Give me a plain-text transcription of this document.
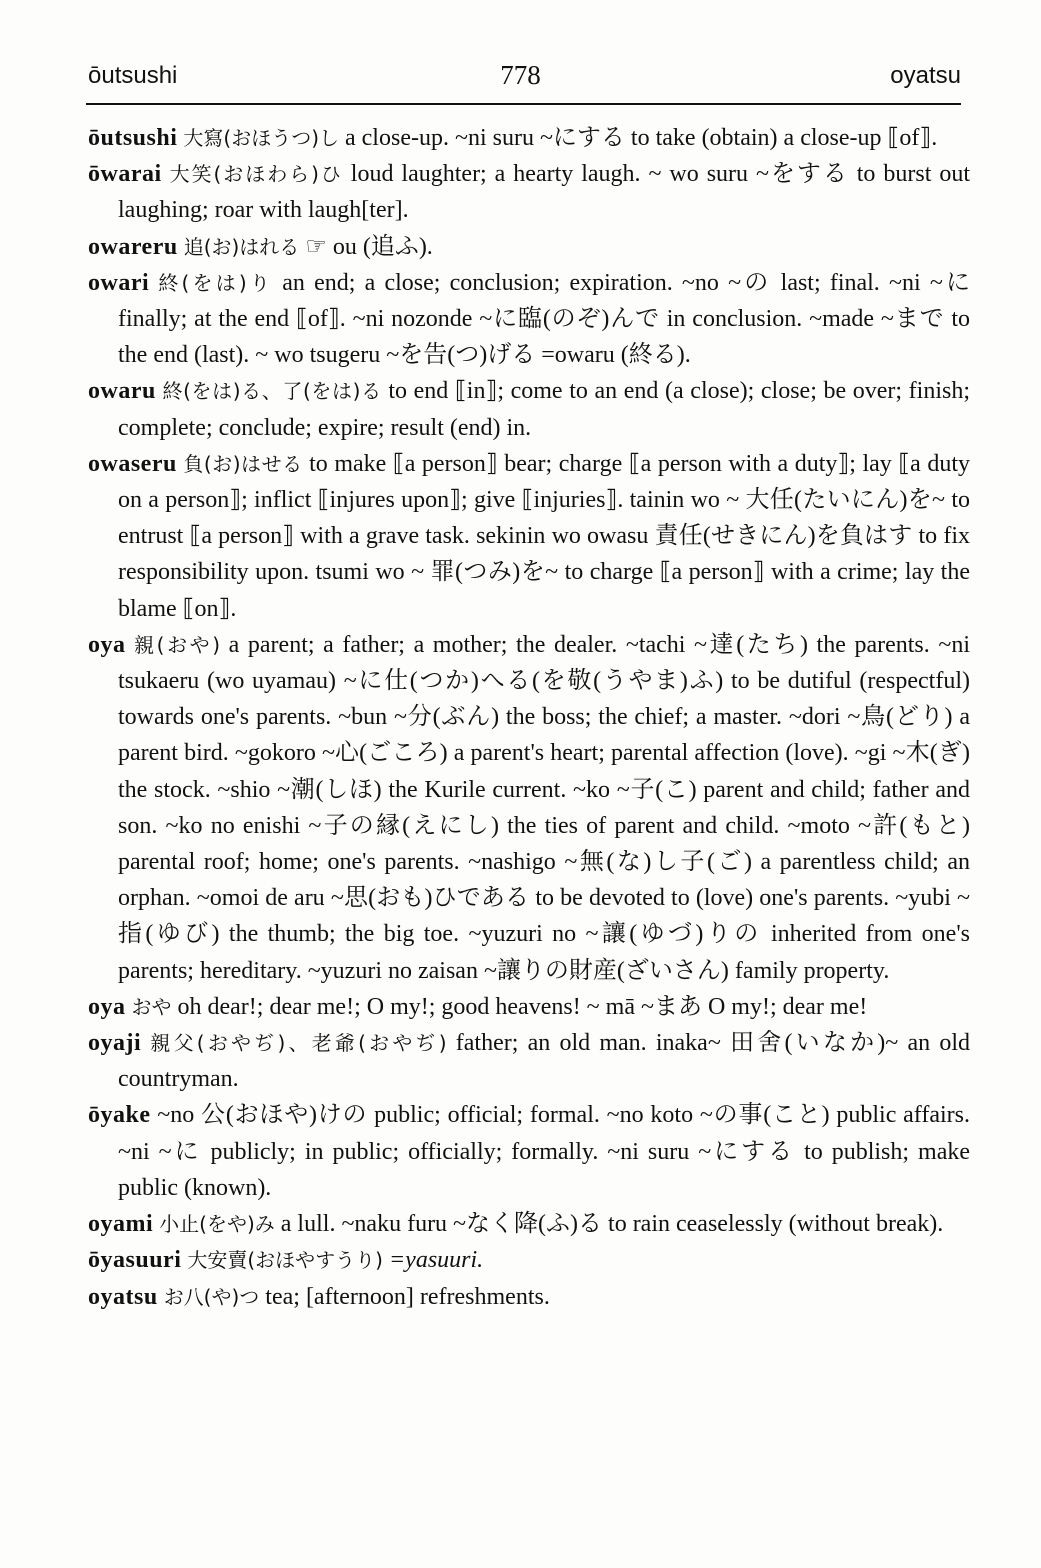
ōutsushi	778	oyatsu

ōutsushi 大寫(おほうつ)し a close-up. ~ni suru ~にする to take (obtain) a close-up ⟦of⟧.

ōwarai 大笑(おほわら)ひ loud laughter; a hearty laugh. ~ wo suru ~をする to burst out laughing; roar with laugh[ter].

owareru 追(お)はれる ☞ ou (追ふ).

owari 終(をは)り an end; a close; conclusion; expiration. ~no ~の last; final. ~ni ~に finally; at the end ⟦of⟧. ~ni nozonde ~に臨(のぞ)んで in conclusion. ~made ~まで to the end (last). ~ wo tsugeru ~を告(つ)げる =owaru (終る).

owaru 終(をは)る、了(をは)る to end ⟦in⟧; come to an end (a close); close; be over; finish; complete; conclude; expire; result (end) in.

owaseru 負(お)はせる to make ⟦a person⟧ bear; charge ⟦a person with a duty⟧; lay ⟦a duty on a person⟧; inflict ⟦injures upon⟧; give ⟦injuries⟧. tainin wo ~ 大任(たいにん)を~ to entrust ⟦a person⟧ with a grave task. sekinin wo owasu 責任(せきにん)を負はす to fix responsibility upon. tsumi wo ~ 罪(つみ)を~ to charge ⟦a person⟧ with a crime; lay the blame ⟦on⟧.

oya 親(おや) a parent; a father; a mother; the dealer. ~tachi ~達(たち) the parents. ~ni tsukaeru (wo uyamau) ~に仕(つか)へる(を敬(うやま)ふ) to be dutiful (respectful) towards one's parents. ~bun ~分(ぶん) the boss; the chief; a master. ~dori ~鳥(どり) a parent bird. ~gokoro ~心(ごころ) a parent's heart; parental affection (love). ~gi ~木(ぎ) the stock. ~shio ~潮(しほ) the Kurile current. ~ko ~子(こ) parent and child; father and son. ~ko no enishi ~子の縁(えにし) the ties of parent and child. ~moto ~許(もと) parental roof; home; one's parents. ~nashigo ~無(な)し子(ご) a parentless child; an orphan. ~omoi de aru ~思(おも)ひである to be devoted to (love) one's parents. ~yubi ~指(ゆび) the thumb; the big toe. ~yuzuri no ~讓(ゆづ)りの inherited from one's parents; hereditary. ~yuzuri no zaisan ~讓りの財産(ざいさん) family property.

oya おや oh dear!; dear me!; O my!; good heavens! ~ mā ~まあ O my!; dear me!

oyaji 親父(おやぢ)、老爺(おやぢ) father; an old man. inaka~ 田舍(いなか)~ an old countryman.

ōyake ~no 公(おほや)けの public; official; formal. ~no koto ~の事(こと) public affairs. ~ni ~に publicly; in public; officially; formally. ~ni suru ~にする to publish; make public (known).

oyami 小止(をや)み a lull. ~naku furu ~なく降(ふ)る to rain ceaselessly (without break).

ōyasuuri 大安賣(おほやすうり) =yasuuri.

oyatsu お八(や)つ tea; [afternoon] refreshments.
